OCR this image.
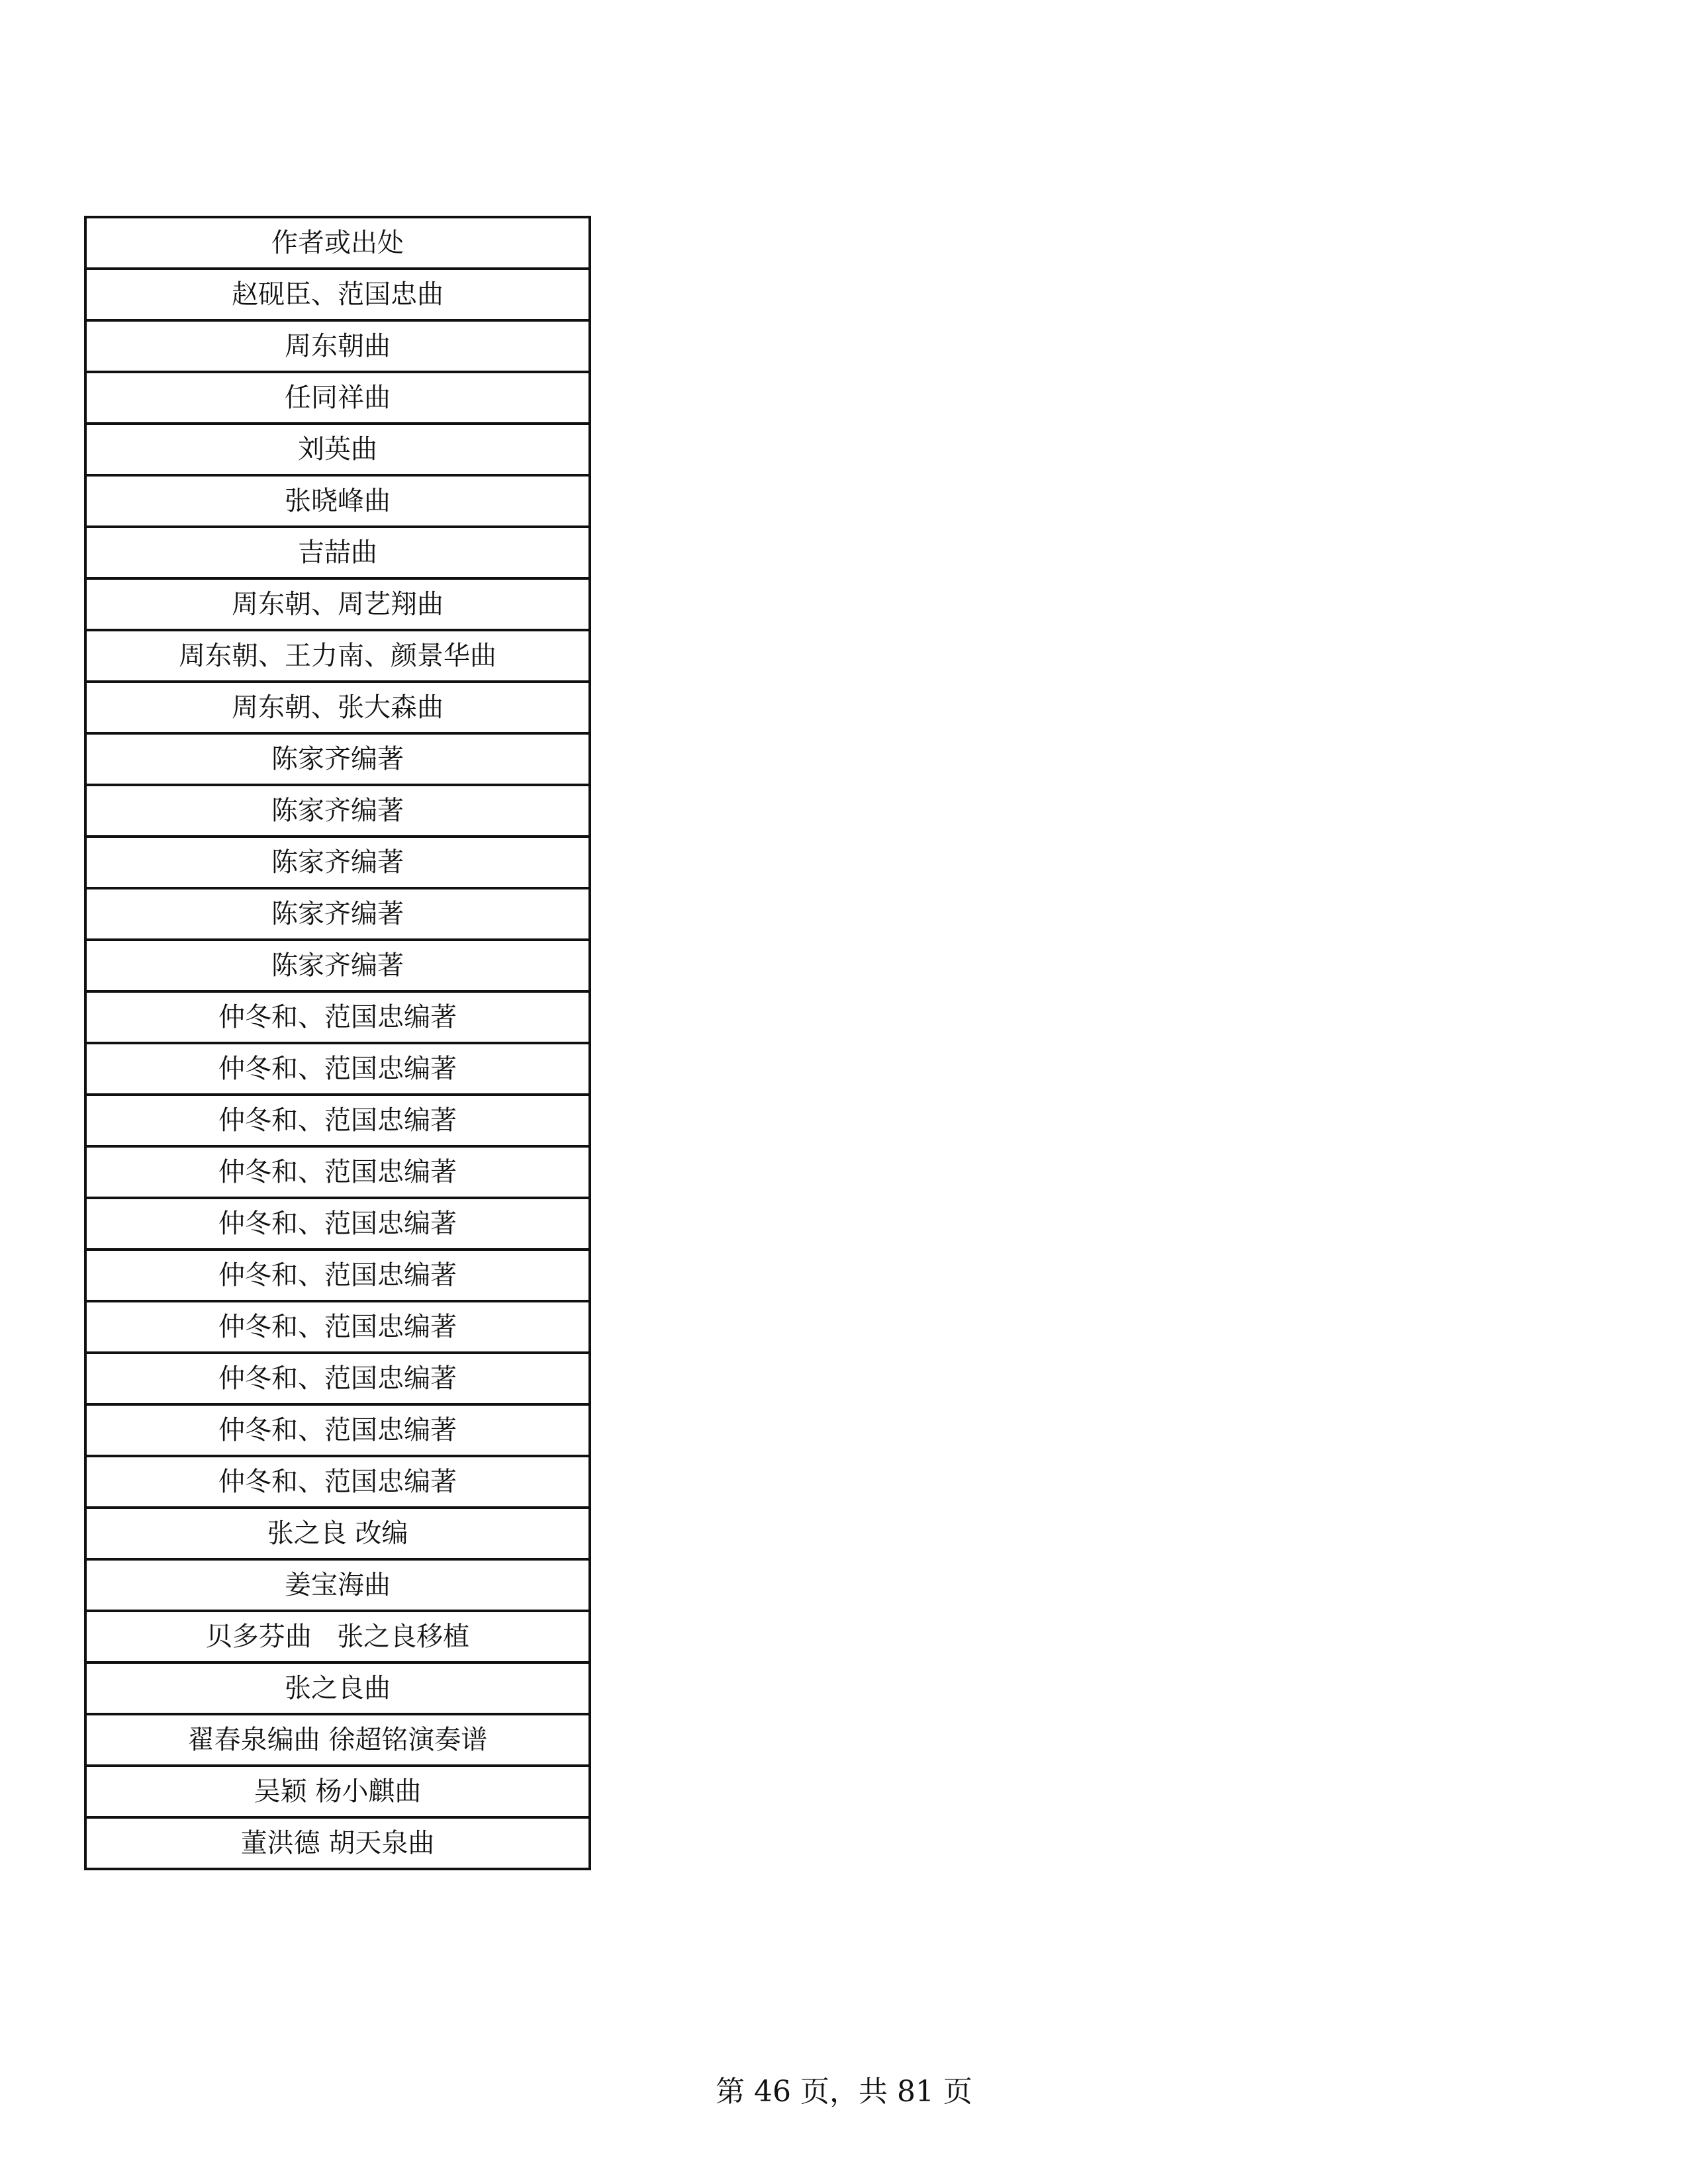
作者或出处
赵砚臣、范国忠曲
周东朝曲
任同祥曲
刘英曲
张晓峰曲
吉喆曲
周东朝、周艺翔曲
周东朝、王力南、颜景华曲
周东朝、张大森曲
陈家齐编著
陈家齐编著
陈家齐编著
陈家齐编著
陈家齐编著
仲冬和、范国忠编著
仲冬和、范国忠编著
仲冬和、范国忠编著
仲冬和、范国忠编著
仲冬和、范国忠编著
仲冬和、范国忠编著
仲冬和、范国忠编著
仲冬和、范国忠编著
仲冬和、范国忠编著
仲冬和、范国忠编著
张之良 改编
姜宝海曲
贝多芬曲   张之良移植
张之良曲
翟春泉编曲 徐超铭演奏谱
吴颖 杨小麒曲
董洪德 胡天泉曲
第 46 页，共 81 页
